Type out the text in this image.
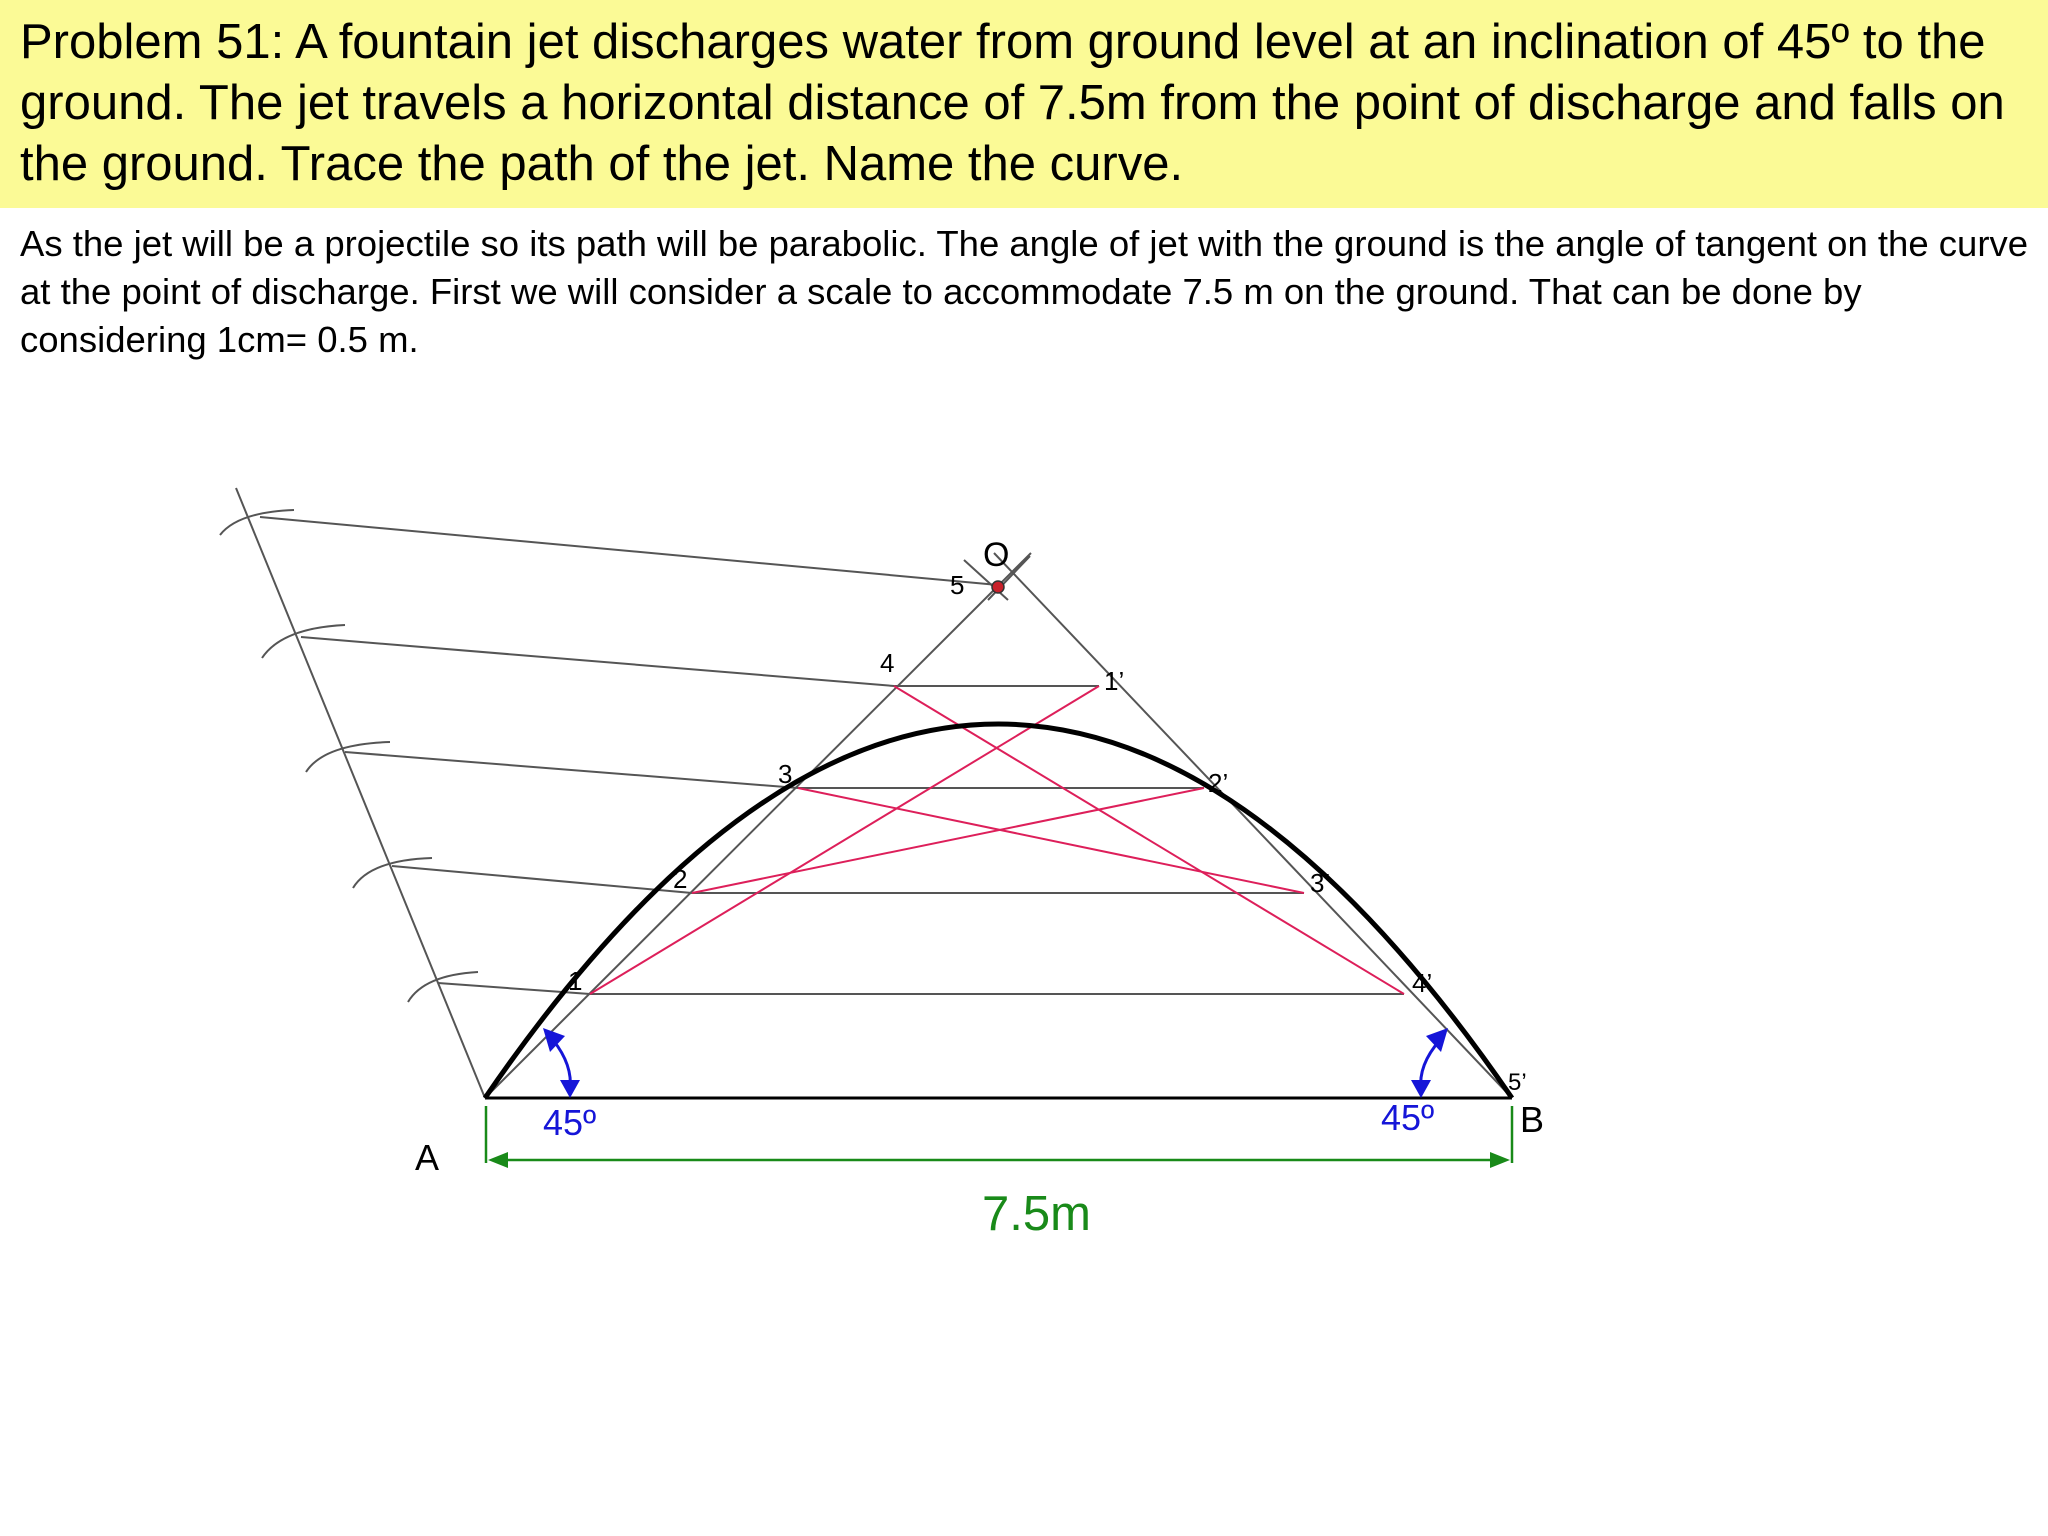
O
A
B
1
2
3
4
5
1’
2’
3’
4’
5’
45º	45º
7.5m
Problem 51: A fountain jet discharges water from ground level at an inclination of 45º to the ground. The jet travels a horizontal distance of 7.5m from the point of discharge and falls on the ground. Trace the path of the jet. Name the curve.
As the jet will be a projectile so its path will be parabolic. The angle of jet with the ground is the angle of tangent on the curve at the point of discharge. First we will consider a scale to accommodate 7.5 m on the ground. That can be done by considering 1cm= 0.5 m.
